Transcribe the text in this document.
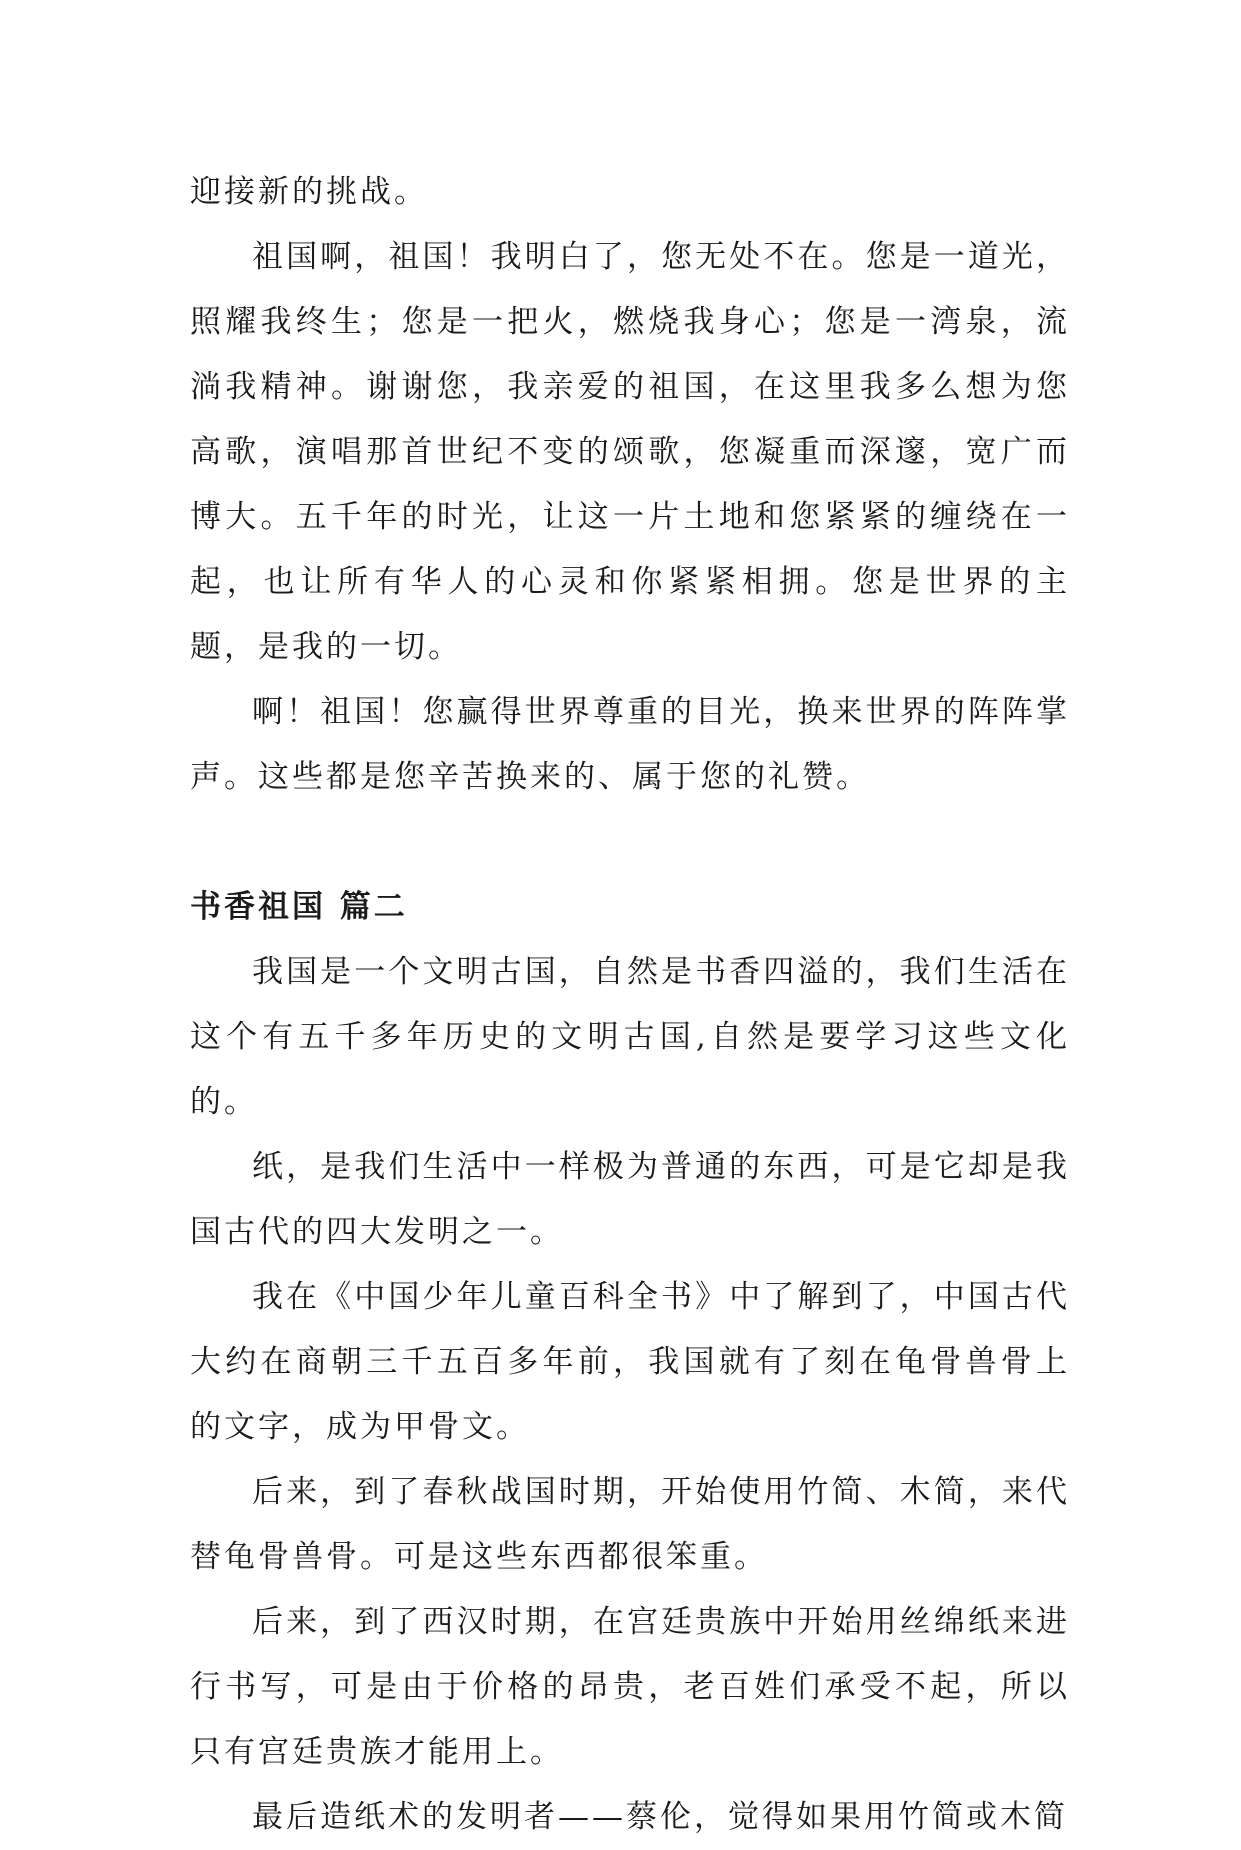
迎接新的挑战。

祖国啊，祖国！我明白了，您无处不在。您是一道光，照耀我终生；您是一把火，燃烧我身心；您是一湾泉，流淌我精神。谢谢您，我亲爱的祖国，在这里我多么想为您高歌，演唱那首世纪不变的颂歌，您凝重而深邃，宽广而博大。五千年的时光，让这一片土地和您紧紧的缠绕在一起，也让所有华人的心灵和你紧紧相拥。您是世界的主题，是我的一切。

啊！祖国！您赢得世界尊重的目光，换来世界的阵阵掌声。这些都是您辛苦换来的、属于您的礼赞。

书香祖国 篇二

我国是一个文明古国，自然是书香四溢的，我们生活在这个有五千多年历史的文明古国,自然是要学习这些文化的。

纸，是我们生活中一样极为普通的东西，可是它却是我国古代的四大发明之一。

我在《中国少年儿童百科全书》中了解到了，中国古代大约在商朝三千五百多年前，我国就有了刻在龟骨兽骨上的文字，成为甲骨文。

后来，到了春秋战国时期，开始使用竹简、木简，来代替龟骨兽骨。可是这些东西都很笨重。

后来，到了西汉时期，在宫廷贵族中开始用丝绵纸来进行书写，可是由于价格的昂贵，老百姓们承受不起，所以只有宫廷贵族才能用上。

最后造纸术的发明者——蔡伦，觉得如果用竹简或木简
